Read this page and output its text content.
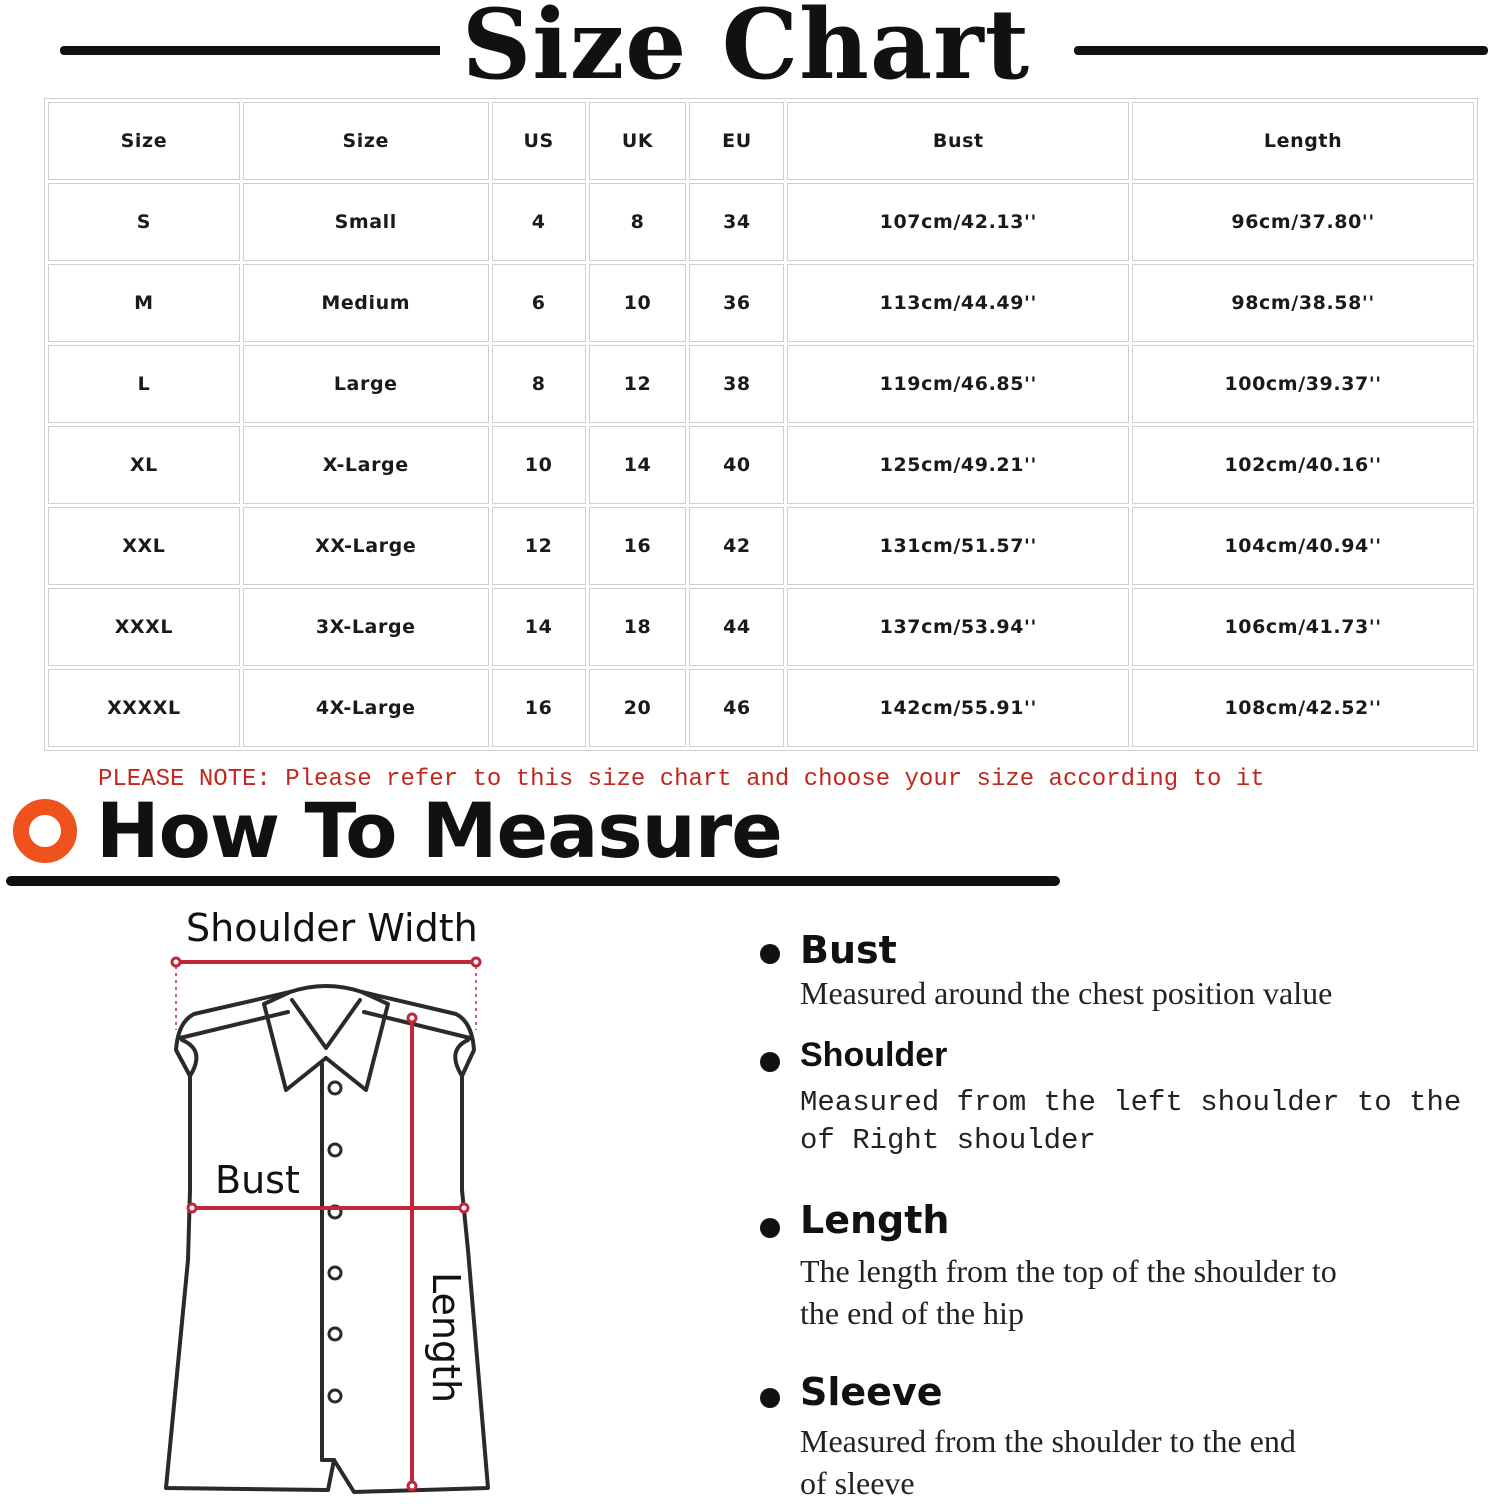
Size Chart
Size	Size	US	UK	EU	Bust	Length
S	Small	4	8	34	107cm/42.13''	96cm/37.80''
M	Medium	6	10	36	113cm/44.49''	98cm/38.58''
L	Large	8	12	38	119cm/46.85''	100cm/39.37''
XL	X-Large	10	14	40	125cm/49.21''	102cm/40.16''
XXL	XX-Large	12	16	42	131cm/51.57''	104cm/40.94''
XXXL	3X-Large	14	18	44	137cm/53.94''	106cm/41.73''
XXXXL	4X-Large	16	20	46	142cm/55.91''	108cm/42.52''
PLEASE NOTE: Please refer to this size chart and choose your size according to it
How To Measure
Shoulder Width
Bust
Length
Bust
Measured around the chest position value
Shoulder
Measured from the left shoulder to the
of Right shoulder
Length
The length from the top of the shoulder to
the end of the hip
Sleeve
Measured from the shoulder to the end
of sleeve
